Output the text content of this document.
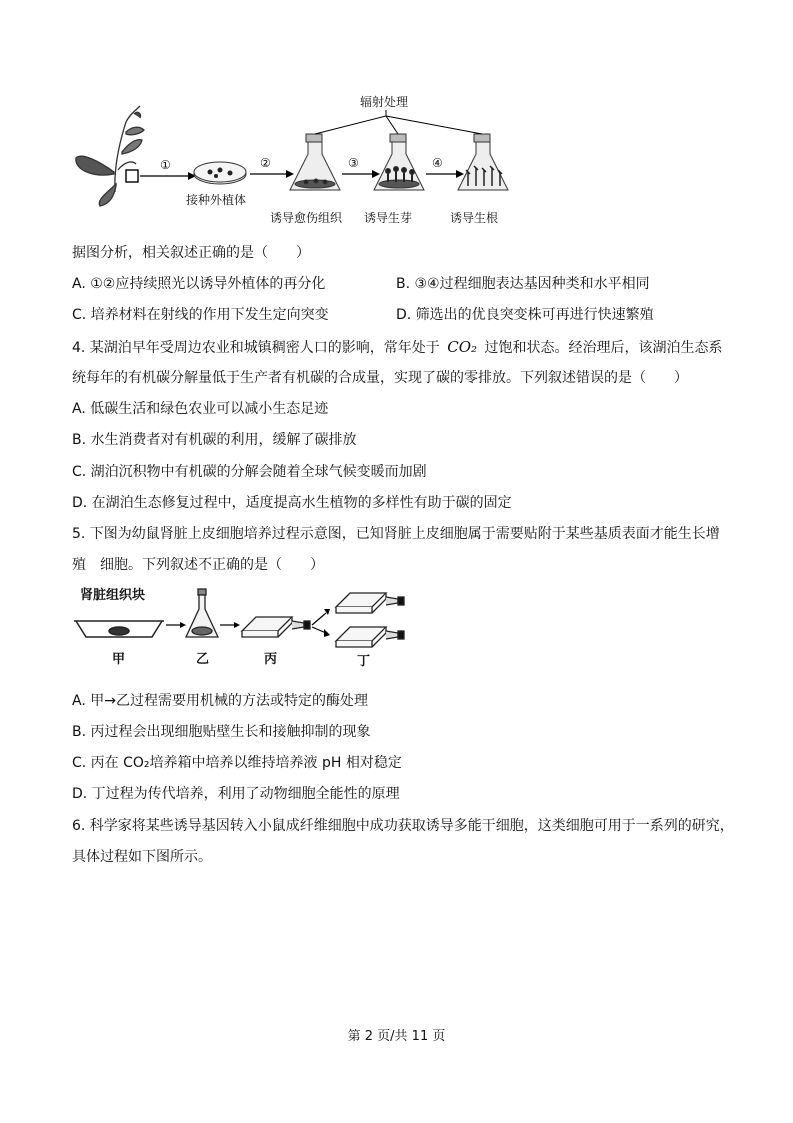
①
接种外植体
②
诱导愈伤组织
③
诱导生芽
④
诱导生根
辐射处理
据图分析，相关叙述正确的是（　　）
A. ①②应持续照光以诱导外植体的再分化	B. ③④过程细胞表达基因种类和水平相同
C. 培养材料在射线的作用下发生定向突变	D. 筛选出的优良突变株可再进行快速繁殖
4. 某湖泊早年受周边农业和城镇稠密人口的影响，常年处于 CO₂ 过饱和状态。经治理后，该湖泊生态系
统每年的有机碳分解量低于生产者有机碳的合成量，实现了碳的零排放。下列叙述错误的是（　　）
A. 低碳生活和绿色农业可以减小生态足迹
B. 水生消费者对有机碳的利用，缓解了碳排放
C. 湖泊沉积物中有机碳的分解会随着全球气候变暖而加剧
D. 在湖泊生态修复过程中，适度提高水生植物的多样性有助于碳的固定
5. 下图为幼鼠肾脏上皮细胞培养过程示意图，已知肾脏上皮细胞属于需要贴附于某些基质表面才能生长增
殖　细胞。下列叙述不正确的是（　　）
肾脏组织块
甲	乙	丙	丁
A. 甲→乙过程需要用机械的方法或特定的酶处理
B. 丙过程会出现细胞贴壁生长和接触抑制的现象
C. 丙在 CO₂培养箱中培养以维持培养液 pH 相对稳定
D. 丁过程为传代培养，利用了动物细胞全能性的原理
6. 科学家将某些诱导基因转入小鼠成纤维细胞中成功获取诱导多能干细胞，这类细胞可用于一系列的研究，
具体过程如下图所示。
第 2 页/共 11 页
